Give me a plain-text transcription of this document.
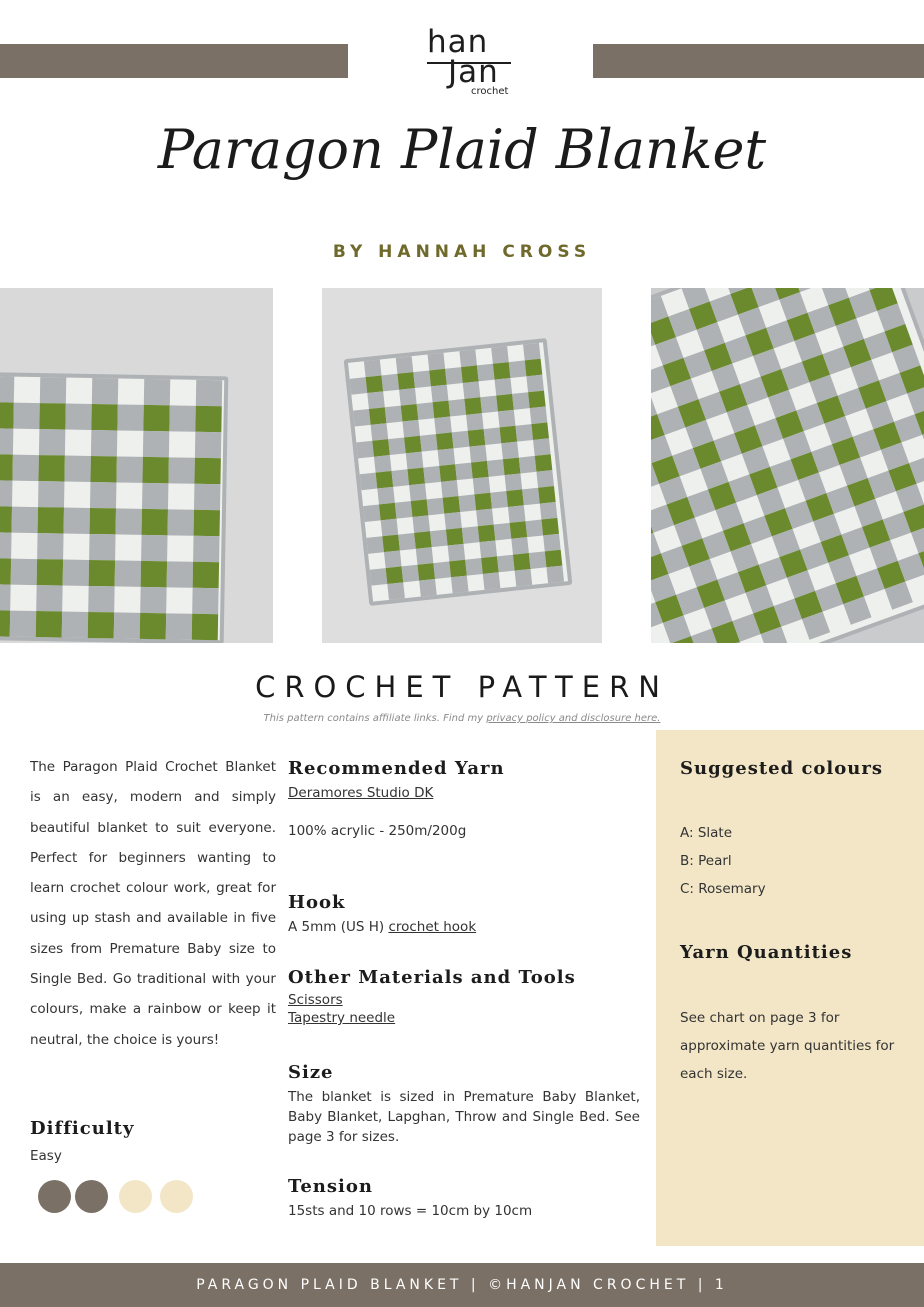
han
Jan
crochet
Paragon Plaid Blanket
BY HANNAH CROSS
CROCHET PATTERN
This pattern contains affiliate links. Find my privacy policy and disclosure here.
The Paragon Plaid Crochet Blanket is an easy, modern and simply beautiful blanket to suit everyone. Perfect for beginners wanting to learn crochet colour work, great for using up stash and available in five sizes from Premature Baby size to Single Bed. Go traditional with your colours, make a rainbow or keep it neutral, the choice is yours!
Difficulty
Easy
Recommended Yarn
Deramores Studio DK
100% acrylic - 250m/200g
Hook
A 5mm (US H) crochet hook
Other Materials and Tools
Scissors
Tapestry needle
Size
The blanket is sized in Premature Baby Blanket, Baby Blanket, Lapghan, Throw and Single Bed. See page 3 for sizes.
Tension
15sts and 10 rows = 10cm by 10cm
Suggested colours
A: Slate
B: Pearl
C: Rosemary
Yarn Quantities
See chart on page 3 for approximate yarn quantities for each size.
PARAGON PLAID BLANKET | ©HANJAN CROCHET | 1
